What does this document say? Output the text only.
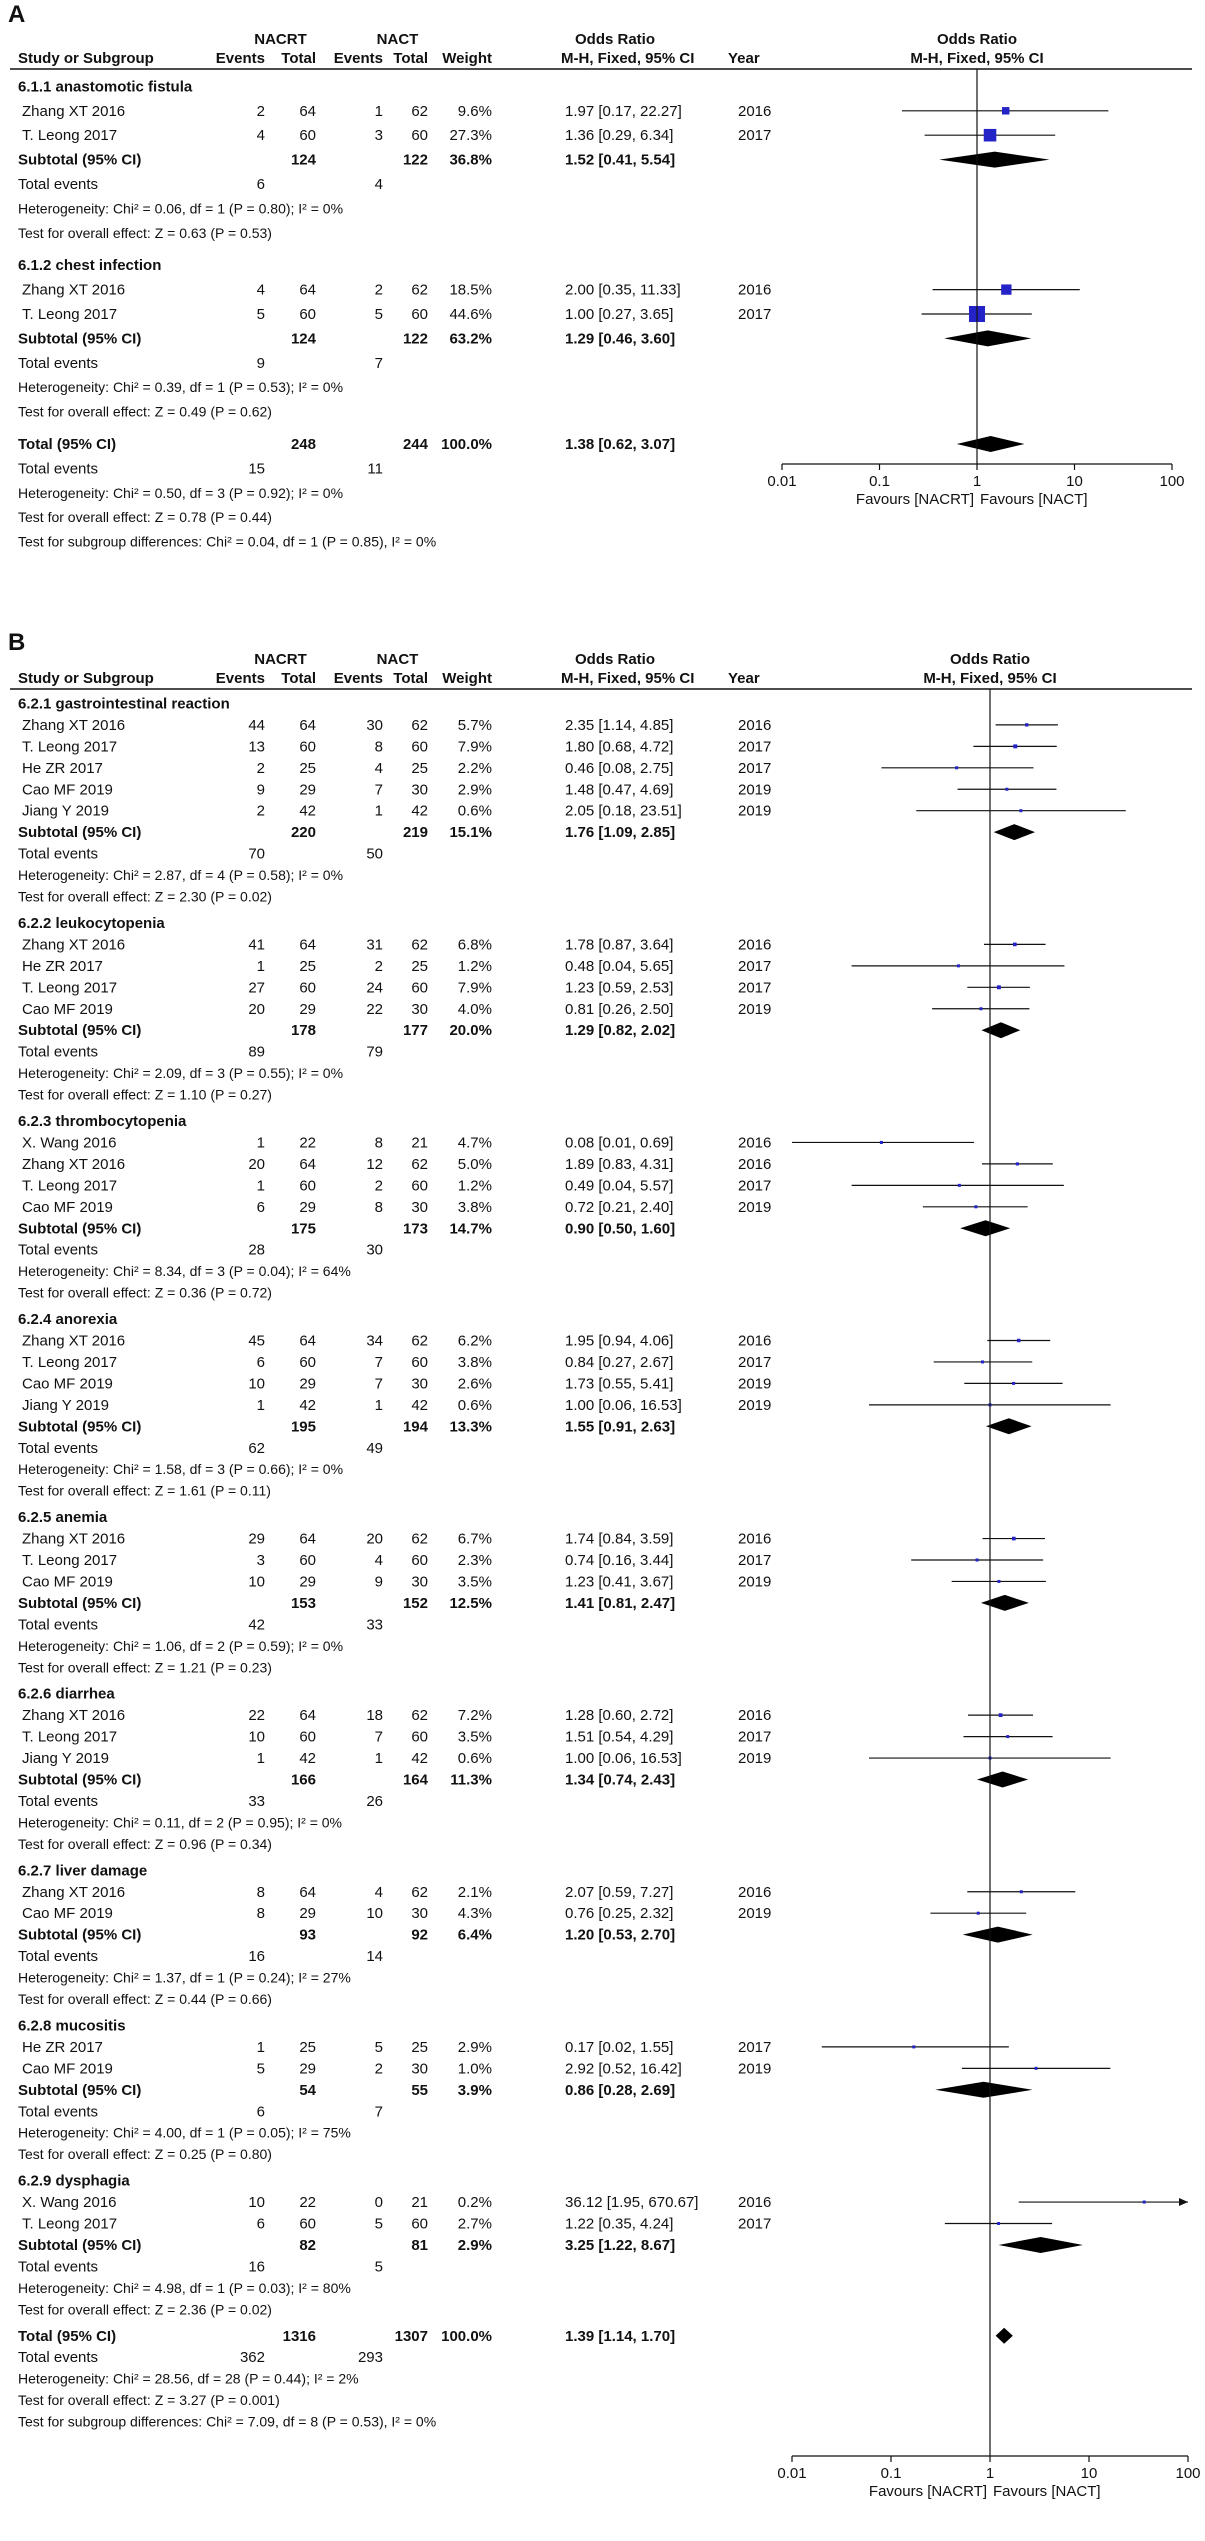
A
NACRT	NACT	Odds Ratio	Odds Ratio
Study or Subgroup	Events Total Events Total Weight	M-H, Fixed, 95% CI Year	M-H, Fixed, 95% CI
6.1.1 anastomotic fistula
Zhang XT 2016	2 64	1 62 9.6%	1.97 [0.17, 22.27]	2016
T. Leong 2017	4 60	3 60 27.3%	1.36 [0.29, 6.34]	2017
Subtotal (95% CI)	124	122 36.8%	1.52 [0.41, 5.54]
Total events	6	4
Heterogeneity: Chi² = 0.06, df = 1 (P = 0.80); I² = 0%
Test for overall effect: Z = 0.63 (P = 0.53)
6.1.2 chest infection
Zhang XT 2016	4 64	2 62 18.5%	2.00 [0.35, 11.33]	2016
T. Leong 2017	5 60	5 60 44.6%	1.00 [0.27, 3.65]	2017
Subtotal (95% CI)	124	122 63.2%	1.29 [0.46, 3.60]
Total events	9	7
Heterogeneity: Chi² = 0.39, df = 1 (P = 0.53); I² = 0%
Test for overall effect: Z = 0.49 (P = 0.62)
Total (95% CI)	248	244 100.0%	1.38 [0.62, 3.07]
Total events	15	11
Heterogeneity: Chi² = 0.50, df = 3 (P = 0.92); I² = 0%
Test for overall effect: Z = 0.78 (P = 0.44)
Test for subgroup differences: Chi² = 0.04, df = 1 (P = 0.85), I² = 0%
0.01	0.1	1	10	100
Favours [NACRT] Favours [NACT]
B
NACRT	NACT	Odds Ratio	Odds Ratio
Study or Subgroup	Events Total Events Total Weight	M-H, Fixed, 95% CI Year	M-H, Fixed, 95% CI
6.2.1 gastrointestinal reaction
Zhang XT 2016	44 64	30 62 5.7%	2.35 [1.14, 4.85]	2016
T. Leong 2017	13 60	8 60 7.9%	1.80 [0.68, 4.72]	2017
He ZR 2017	2 25	4 25 2.2%	0.46 [0.08, 2.75]	2017
Cao MF 2019	9 29	7 30 2.9%	1.48 [0.47, 4.69]	2019
Jiang Y 2019	2 42	1 42 0.6%	2.05 [0.18, 23.51]	2019
Subtotal (95% CI)	220	219 15.1%	1.76 [1.09, 2.85]
Total events	70	50
Heterogeneity: Chi² = 2.87, df = 4 (P = 0.58); I² = 0%
Test for overall effect: Z = 2.30 (P = 0.02)
6.2.2 leukocytopenia
Zhang XT 2016	41 64	31 62 6.8%	1.78 [0.87, 3.64]	2016
He ZR 2017	1 25	2 25 1.2%	0.48 [0.04, 5.65]	2017
T. Leong 2017	27 60	24 60 7.9%	1.23 [0.59, 2.53]	2017
Cao MF 2019	20 29	22 30 4.0%	0.81 [0.26, 2.50]	2019
Subtotal (95% CI)	178	177 20.0%	1.29 [0.82, 2.02]
Total events	89	79
Heterogeneity: Chi² = 2.09, df = 3 (P = 0.55); I² = 0%
Test for overall effect: Z = 1.10 (P = 0.27)
6.2.3 thrombocytopenia
X. Wang 2016	1 22	8 21 4.7%	0.08 [0.01, 0.69]	2016
Zhang XT 2016	20 64	12 62 5.0%	1.89 [0.83, 4.31]	2016
T. Leong 2017	1 60	2 60 1.2%	0.49 [0.04, 5.57]	2017
Cao MF 2019	6 29	8 30 3.8%	0.72 [0.21, 2.40]	2019
Subtotal (95% CI)	175	173 14.7%	0.90 [0.50, 1.60]
Total events	28	30
Heterogeneity: Chi² = 8.34, df = 3 (P = 0.04); I² = 64%
Test for overall effect: Z = 0.36 (P = 0.72)
6.2.4 anorexia
Zhang XT 2016	45 64	34 62 6.2%	1.95 [0.94, 4.06]	2016
T. Leong 2017	6 60	7 60 3.8%	0.84 [0.27, 2.67]	2017
Cao MF 2019	10 29	7 30 2.6%	1.73 [0.55, 5.41]	2019
Jiang Y 2019	1 42	1 42 0.6%	1.00 [0.06, 16.53]	2019
Subtotal (95% CI)	195	194 13.3%	1.55 [0.91, 2.63]
Total events	62	49
Heterogeneity: Chi² = 1.58, df = 3 (P = 0.66); I² = 0%
Test for overall effect: Z = 1.61 (P = 0.11)
6.2.5 anemia
Zhang XT 2016	29 64	20 62 6.7%	1.74 [0.84, 3.59]	2016
T. Leong 2017	3 60	4 60 2.3%	0.74 [0.16, 3.44]	2017
Cao MF 2019	10 29	9 30 3.5%	1.23 [0.41, 3.67]	2019
Subtotal (95% CI)	153	152 12.5%	1.41 [0.81, 2.47]
Total events	42	33
Heterogeneity: Chi² = 1.06, df = 2 (P = 0.59); I² = 0%
Test for overall effect: Z = 1.21 (P = 0.23)
6.2.6 diarrhea
Zhang XT 2016	22 64	18 62 7.2%	1.28 [0.60, 2.72]	2016
T. Leong 2017	10 60	7 60 3.5%	1.51 [0.54, 4.29]	2017
Jiang Y 2019	1 42	1 42 0.6%	1.00 [0.06, 16.53]	2019
Subtotal (95% CI)	166	164 11.3%	1.34 [0.74, 2.43]
Total events	33	26
Heterogeneity: Chi² = 0.11, df = 2 (P = 0.95); I² = 0%
Test for overall effect: Z = 0.96 (P = 0.34)
6.2.7 liver damage
Zhang XT 2016	8 64	4 62 2.1%	2.07 [0.59, 7.27]	2016
Cao MF 2019	8 29	10 30 4.3%	0.76 [0.25, 2.32]	2019
Subtotal (95% CI)	93	92 6.4%	1.20 [0.53, 2.70]
Total events	16	14
Heterogeneity: Chi² = 1.37, df = 1 (P = 0.24); I² = 27%
Test for overall effect: Z = 0.44 (P = 0.66)
6.2.8 mucositis
He ZR 2017	1 25	5 25 2.9%	0.17 [0.02, 1.55]	2017
Cao MF 2019	5 29	2 30 1.0%	2.92 [0.52, 16.42]	2019
Subtotal (95% CI)	54	55 3.9%	0.86 [0.28, 2.69]
Total events	6	7
Heterogeneity: Chi² = 4.00, df = 1 (P = 0.05); I² = 75%
Test for overall effect: Z = 0.25 (P = 0.80)
6.2.9 dysphagia
X. Wang 2016	10 22	0 21 0.2%	36.12 [1.95, 670.67]	2016
T. Leong 2017	6 60	5 60 2.7%	1.22 [0.35, 4.24]	2017
Subtotal (95% CI)	82	81 2.9%	3.25 [1.22, 8.67]
Total events	16	5
Heterogeneity: Chi² = 4.98, df = 1 (P = 0.03); I² = 80%
Test for overall effect: Z = 2.36 (P = 0.02)
Total (95% CI)	1316	1307 100.0%	1.39 [1.14, 1.70]
Total events	362	293
Heterogeneity: Chi² = 28.56, df = 28 (P = 0.44); I² = 2%
Test for overall effect: Z = 3.27 (P = 0.001)
Test for subgroup differences: Chi² = 7.09, df = 8 (P = 0.53), I² = 0%
0.01	0.1	1	10	100
Favours [NACRT] Favours [NACT]
